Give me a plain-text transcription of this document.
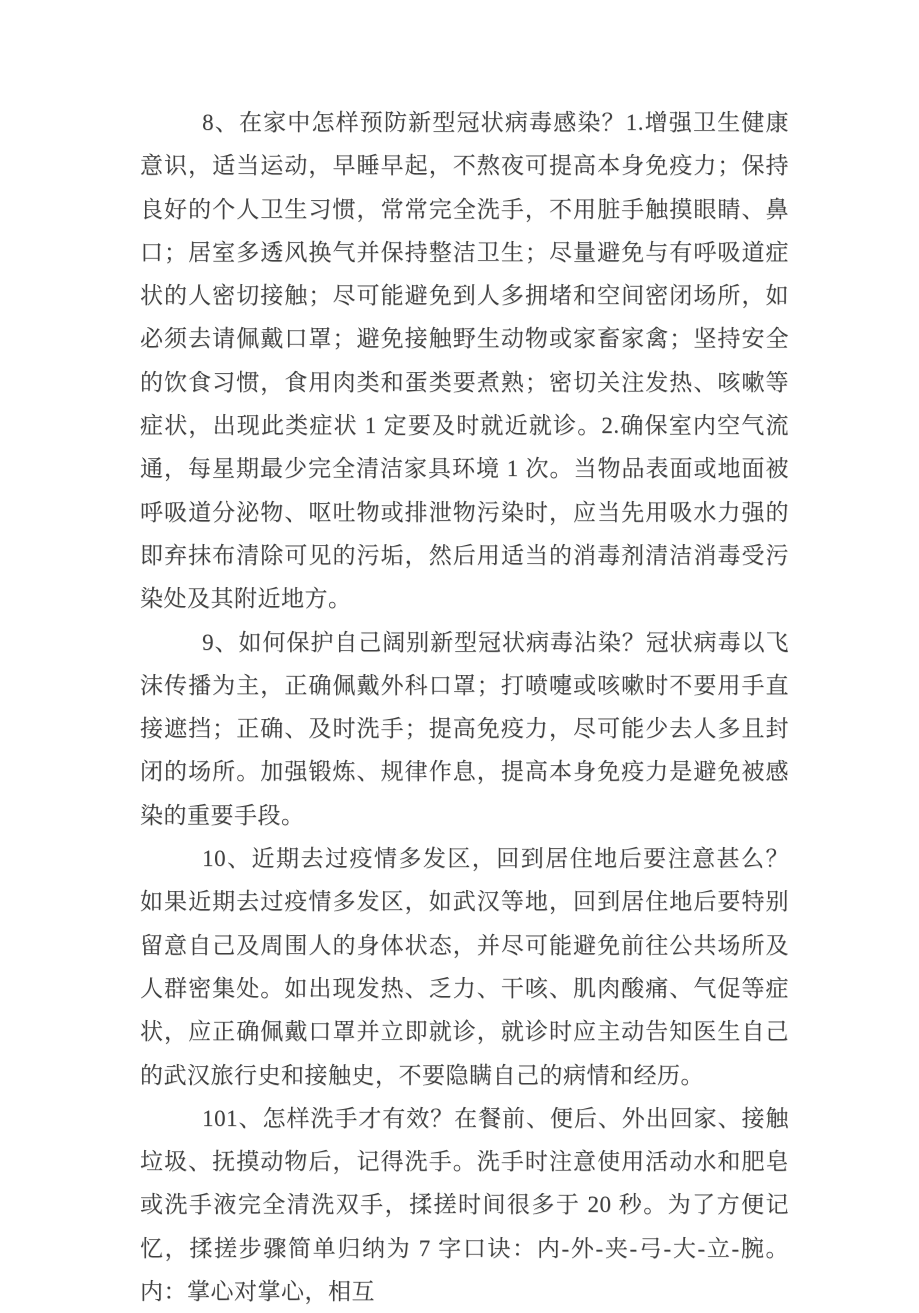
8、在家中怎样预防新型冠状病毒感染？1.增强卫生健康意识，适当运动，早睡早起，不熬夜可提高本身免疫力；保持良好的个人卫生习惯，常常完全洗手，不用脏手触摸眼睛、鼻口；居室多透风换气并保持整洁卫生；尽量避免与有呼吸道症状的人密切接触；尽可能避免到人多拥堵和空间密闭场所，如必须去请佩戴口罩；避免接触野生动物或家畜家禽；坚持安全的饮食习惯，食用肉类和蛋类要煮熟；密切关注发热、咳嗽等症状，出现此类症状 1 定要及时就近就诊。2.确保室内空气流通，每星期最少完全清洁家具环境 1 次。当物品表面或地面被呼吸道分泌物、呕吐物或排泄物污染时，应当先用吸水力强的即弃抹布清除可见的污垢，然后用适当的消毒剂清洁消毒受污染处及其附近地方。

9、如何保护自己阔别新型冠状病毒沾染？冠状病毒以飞沫传播为主，正确佩戴外科口罩；打喷嚏或咳嗽时不要用手直接遮挡；正确、及时洗手；提高免疫力，尽可能少去人多且封闭的场所。加强锻炼、规律作息，提高本身免疫力是避免被感染的重要手段。

10、近期去过疫情多发区，回到居住地后要注意甚么？如果近期去过疫情多发区，如武汉等地，回到居住地后要特别留意自己及周围人的身体状态，并尽可能避免前往公共场所及人群密集处。如出现发热、乏力、干咳、肌肉酸痛、气促等症状，应正确佩戴口罩并立即就诊，就诊时应主动告知医生自己的武汉旅行史和接触史，不要隐瞒自己的病情和经历。

101、怎样洗手才有效？在餐前、便后、外出回家、接触垃圾、抚摸动物后，记得洗手。洗手时注意使用活动水和肥皂或洗手液完全清洗双手，揉搓时间很多于 20 秒。为了方便记忆，揉搓步骤简单归纳为 7 字口诀：内-外-夹-弓-大-立-腕。内：掌心对掌心，相互
